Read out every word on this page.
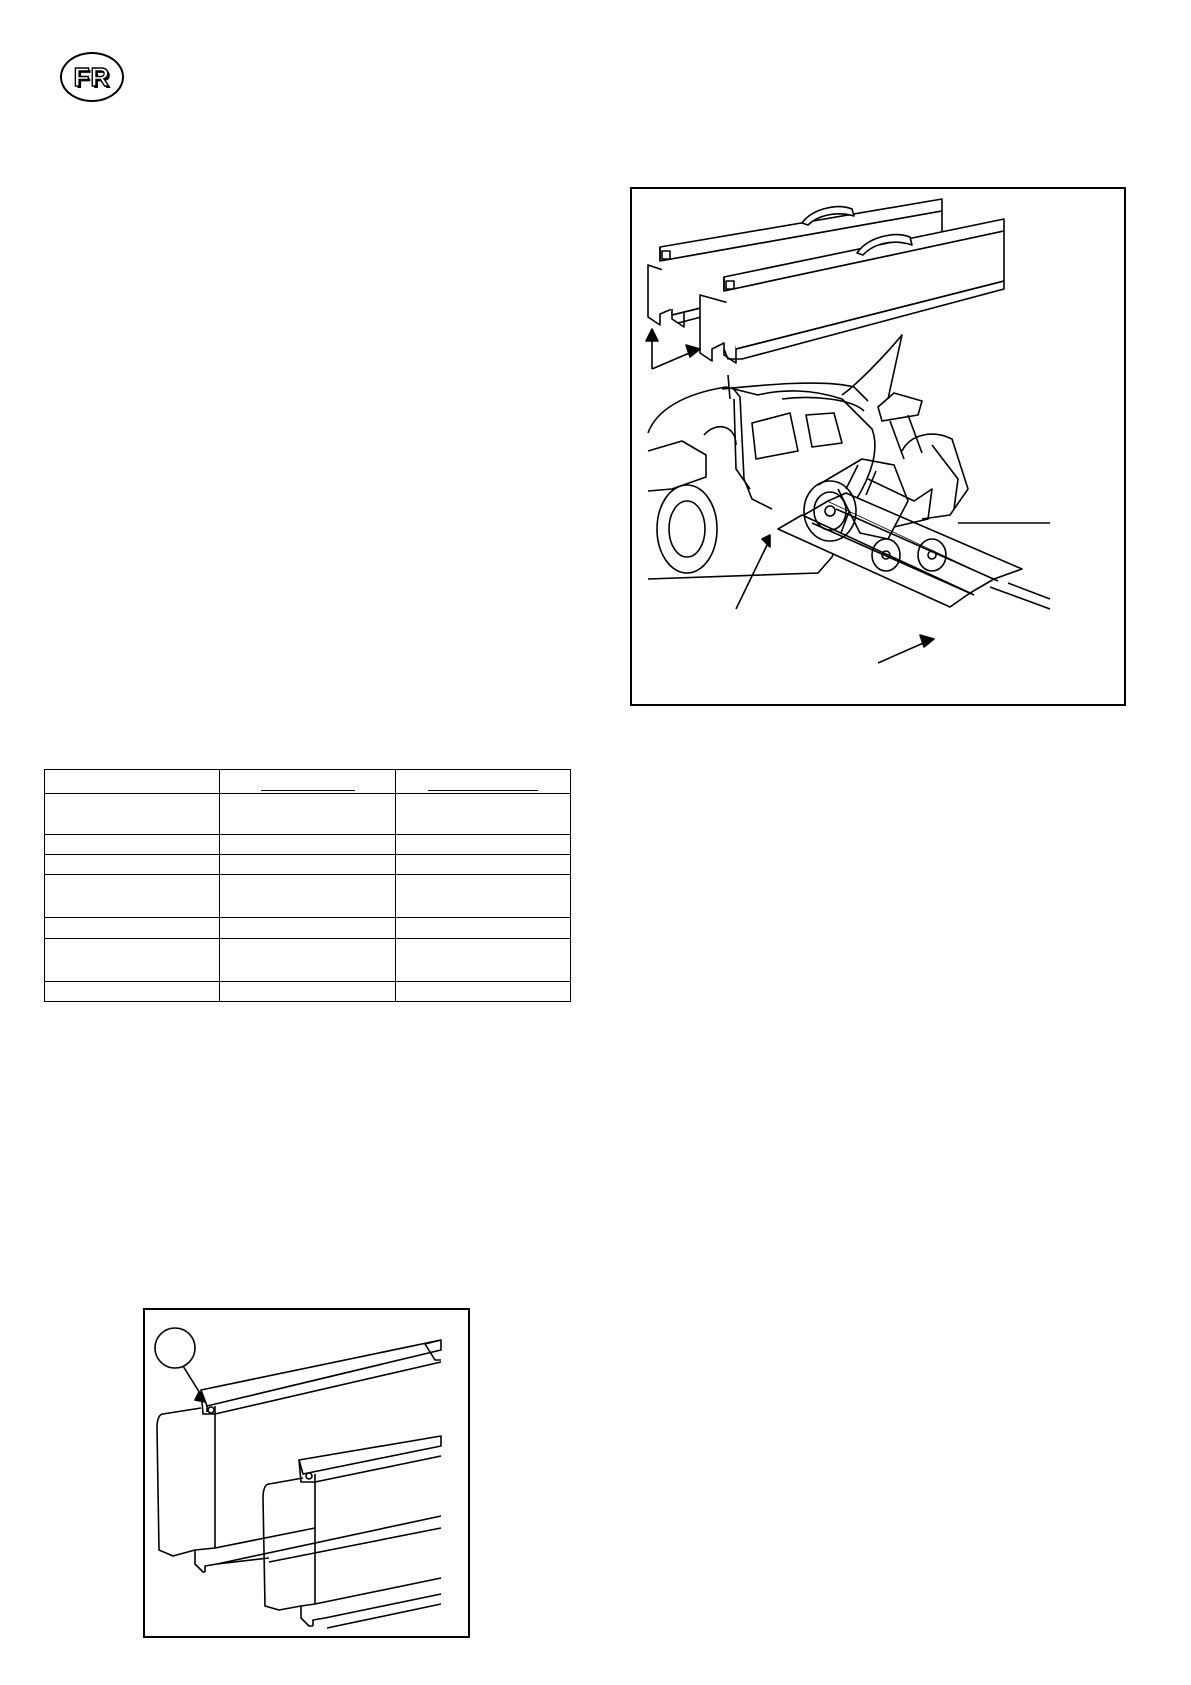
FR
